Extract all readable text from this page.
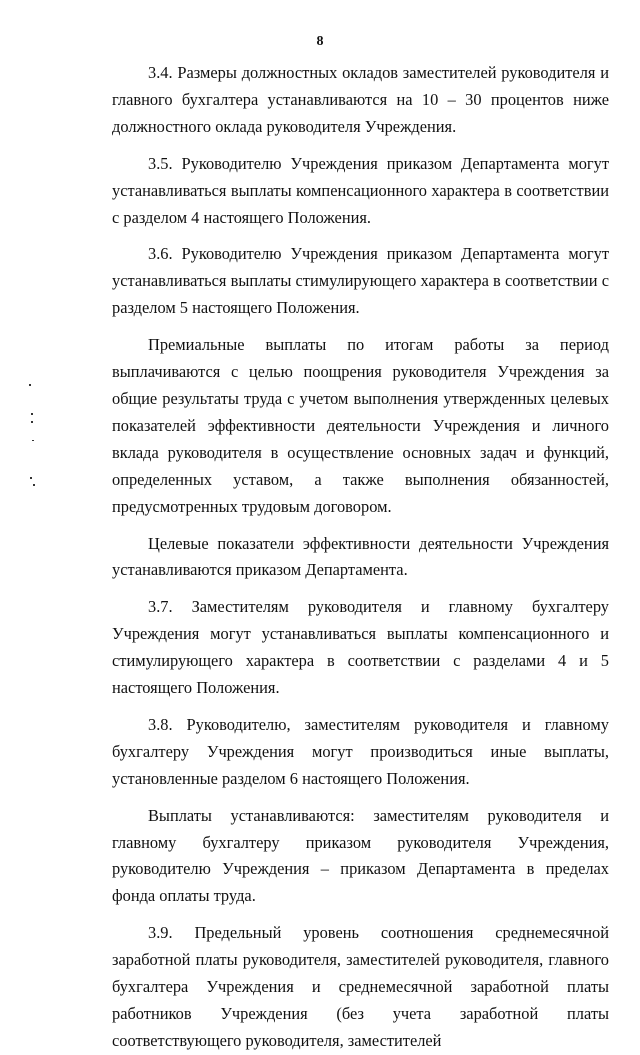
8

3.4. Размеры должностных окладов заместителей руководителя и главного бухгалтера устанавливаются на 10 – 30 процентов ниже должностного оклада руководителя Учреждения.

3.5. Руководителю Учреждения приказом Департамента могут устанавливаться выплаты компенсационного характера в соответствии с разделом 4 настоящего Положения.

3.6. Руководителю Учреждения приказом Департамента могут устанавливаться выплаты стимулирующего характера в соответствии с разделом 5 настоящего Положения.

Премиальные выплаты по итогам работы за период выплачиваются с целью поощрения руководителя Учреждения за общие результаты труда с учетом выполнения утвержденных целевых показателей эффективности деятельности Учреждения и личного вклада руководителя в осуществление основных задач и функций, определенных уставом, а также выполнения обязанностей, предусмотренных трудовым договором.

Целевые показатели эффективности деятельности Учреждения устанавливаются приказом Департамента.

3.7. Заместителям руководителя и главному бухгалтеру Учреждения могут устанавливаться выплаты компенсационного и стимулирующего характера в соответствии с разделами 4 и 5 настоящего Положения.

3.8. Руководителю, заместителям руководителя и главному бухгалтеру Учреждения могут производиться иные выплаты, установленные разделом 6 настоящего Положения.

Выплаты устанавливаются: заместителям руководителя и главному бухгалтеру приказом руководителя Учреждения, руководителю Учреждения – приказом Департамента в пределах фонда оплаты труда.

3.9. Предельный уровень соотношения среднемесячной заработной платы руководителя, заместителей руководителя, главного бухгалтера Учреждения и среднемесячной заработной платы работников Учреждения (без учета заработной платы соответствующего руководителя, заместителей
